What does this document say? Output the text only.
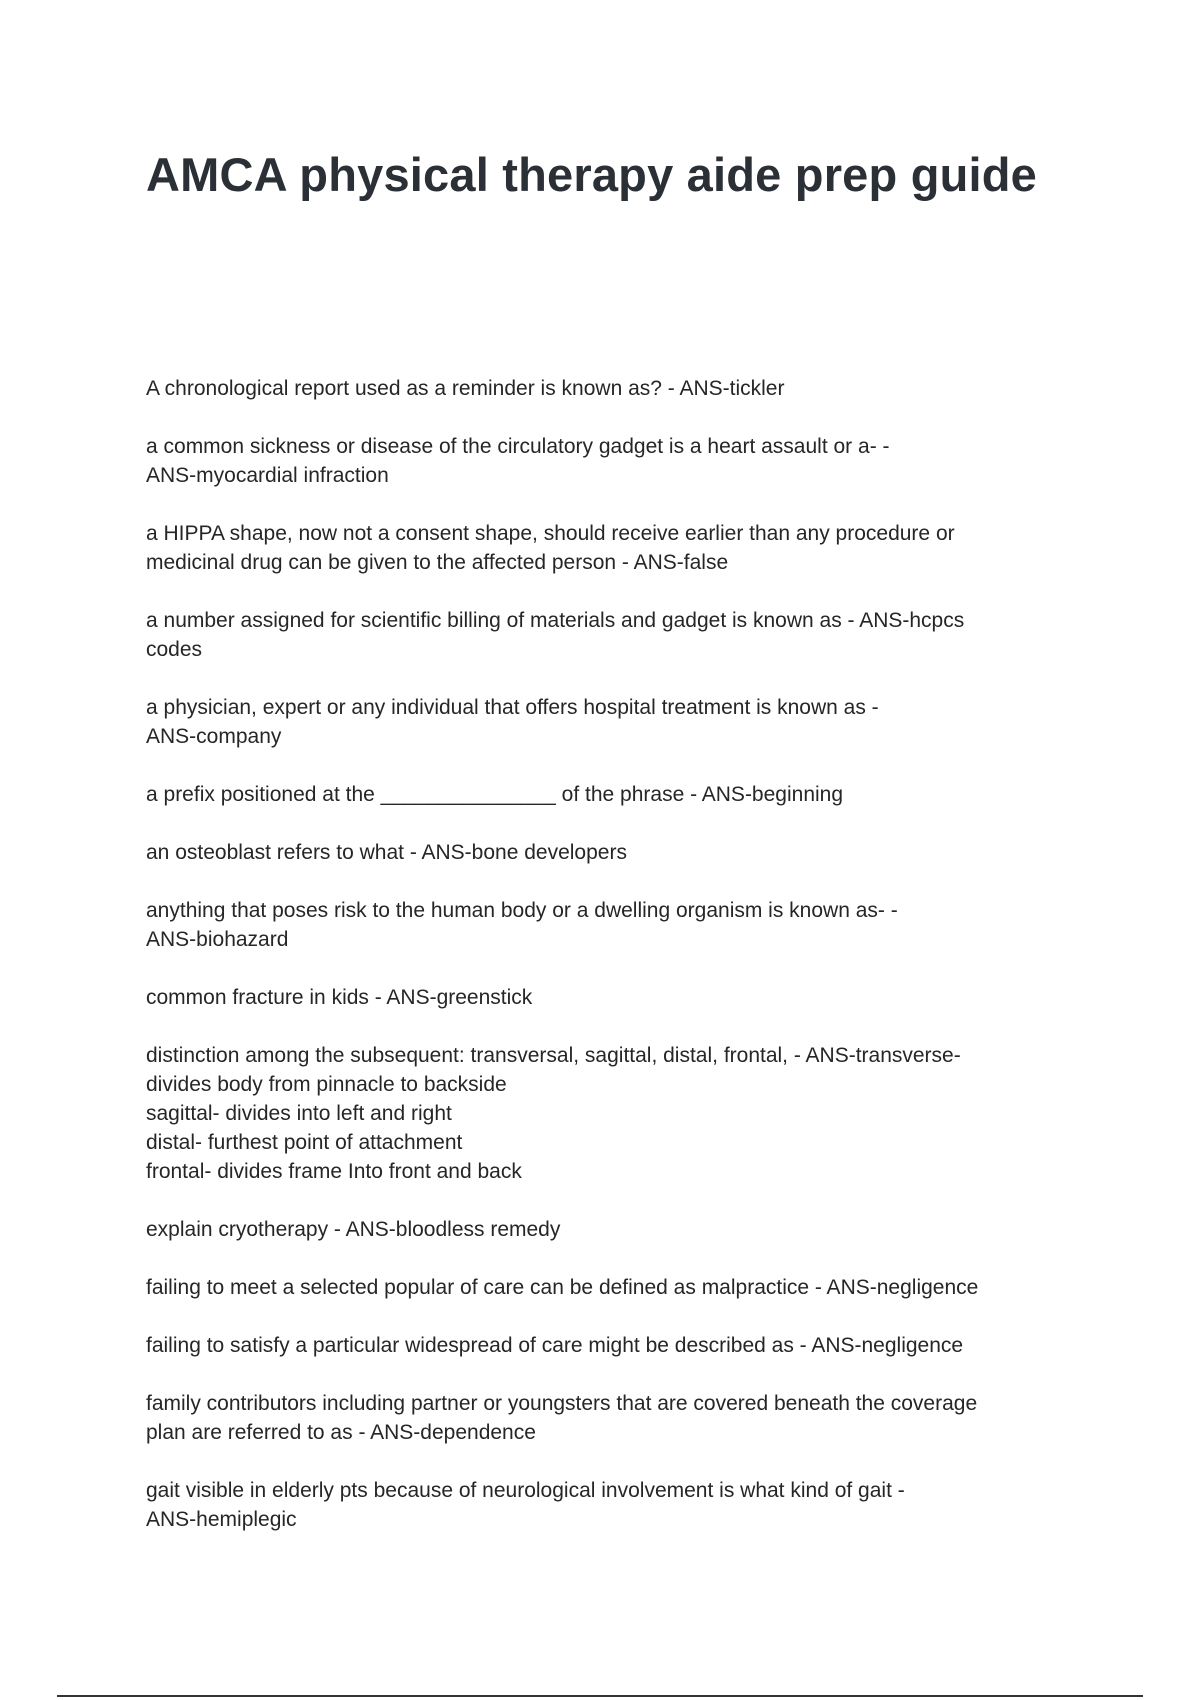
AMCA physical therapy aide prep guide
A chronological report used as a reminder is known as? - ANS-tickler
a common sickness or disease of the circulatory gadget is a heart assault or a- -
ANS-myocardial infraction
a HIPPA shape, now not a consent shape, should receive earlier than any procedure or
medicinal drug can be given to the affected person - ANS-false
a number assigned for scientific billing of materials and gadget is known as - ANS-hcpcs
codes
a physician, expert or any individual that offers hospital treatment is known as -
ANS-company
a prefix positioned at the _______________ of the phrase - ANS-beginning
an osteoblast refers to what - ANS-bone developers
anything that poses risk to the human body or a dwelling organism is known as- -
ANS-biohazard
common fracture in kids - ANS-greenstick
distinction among the subsequent: transversal, sagittal, distal, frontal, - ANS-transverse-
divides body from pinnacle to backside
sagittal- divides into left and right
distal- furthest point of attachment
frontal- divides frame Into front and back
explain cryotherapy - ANS-bloodless remedy
failing to meet a selected popular of care can be defined as malpractice - ANS-negligence
failing to satisfy a particular widespread of care might be described as - ANS-negligence
family contributors including partner or youngsters that are covered beneath the coverage
plan are referred to as - ANS-dependence
gait visible in elderly pts because of neurological involvement is what kind of gait -
ANS-hemiplegic
